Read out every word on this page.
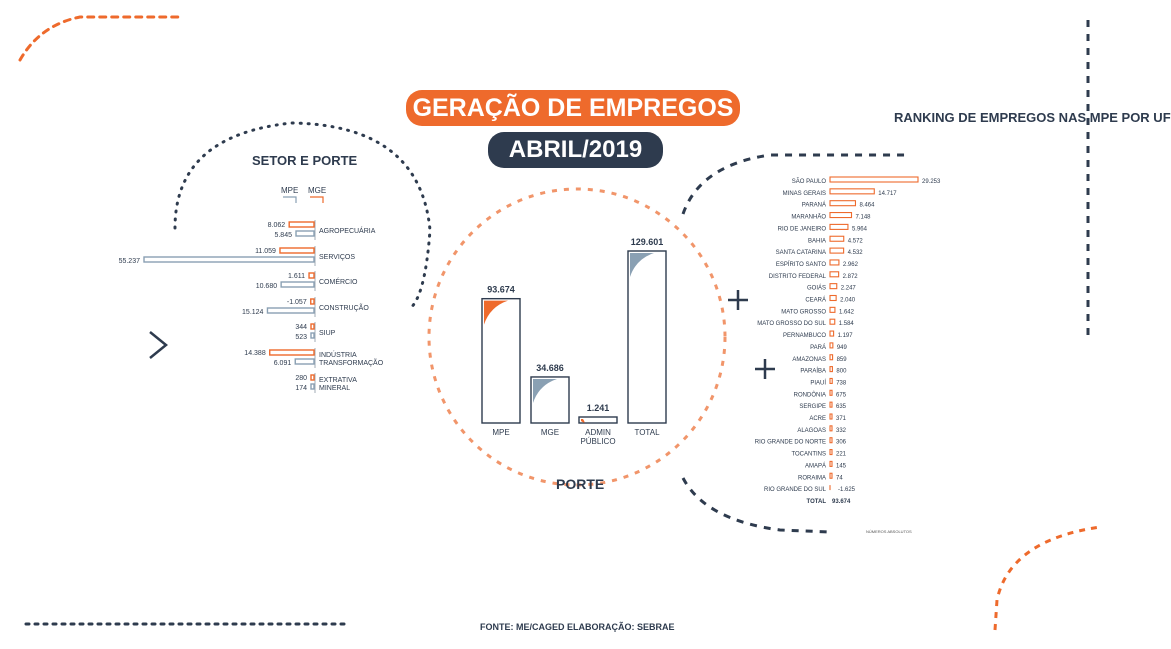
GERAÇÃO DE EMPREGOS
ABRIL/2019
SETOR E PORTE
RANKING DE EMPREGOS NAS MPE POR UF
PORTE
MPE MGE
8.062
5.845
AGROPECUÁRIA
11.059
55.237
SERVIÇOS
1.611
10.680
COMÉRCIO
-1.057
15.124
CONSTRUÇÃO
344
523
SIUP
14.388
6.091
INDÚSTRIA
TRANSFORMAÇÃO
280
174
EXTRATIVA
MINERAL
93.674
MPE
34.686
MGE
1.241
ADMIN
PÚBLICO
129.601
TOTAL
SÃO PAULO	29.253
MINAS GERAIS	14.717
PARANÁ	8.464
MARANHÃO	7.148
RIO DE JANEIRO	5.964
BAHIA	4.572
SANTA CATARINA	4.532
ESPÍRITO SANTO	2.962
DISTRITO FEDERAL	2.872
GOIÁS 2.247
CEARÁ 2.040
MATO GROSSO 1.642
MATO GROSSO DO SUL 1.584
PERNAMBUCO 1.197
PARÁ 949
AMAZONAS 859
PARAÍBA 800
PIAUÍ 738
RONDÔNIA 675
SERGIPE 635
ACRE 371
ALAGOAS 332
RIO GRANDE DO NORTE 306
TOCANTINS 221
AMAPÁ 145
RORAIMA 74
RIO GRANDE DO SUL -1.625
TOTAL 93.674
NÚMEROS ABSOLUTOS
FONTE: ME/CAGED ELABORAÇÃO: SEBRAE
